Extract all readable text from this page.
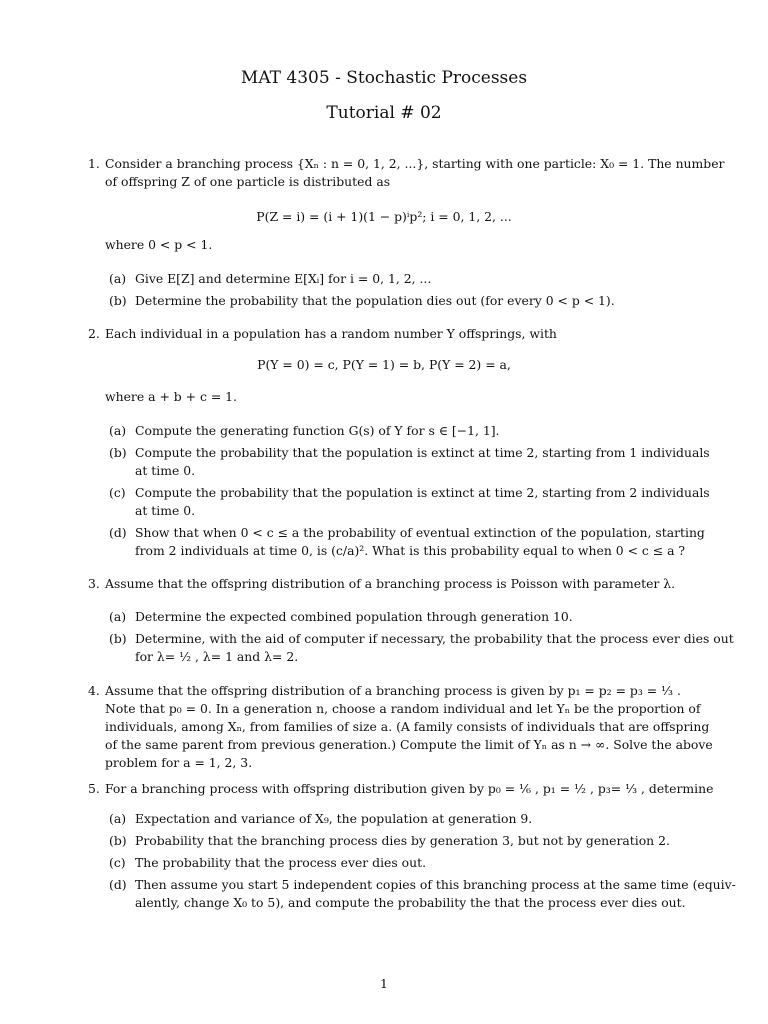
MAT 4305 - Stochastic Processes
Tutorial # 02
1. Consider a branching process {Xₙ : n = 0, 1, 2, ...}, starting with one particle: X₀ = 1. The number
of offspring Z of one particle is distributed as
P(Z = i) = (i + 1)(1 − p)ⁱp²; i = 0, 1, 2, ...
where 0 < p < 1.
(a) Give E[Z] and determine E[Xᵢ] for i = 0, 1, 2, ...
(b) Determine the probability that the population dies out (for every 0 < p < 1).
2. Each individual in a population has a random number Y offsprings, with
P(Y = 0) = c, P(Y = 1) = b, P(Y = 2) = a,
where a + b + c = 1.
(a) Compute the generating function G(s) of Y for s ∈ [−1, 1].
(b) Compute the probability that the population is extinct at time 2, starting from 1 individuals
at time 0.
(c) Compute the probability that the population is extinct at time 2, starting from 2 individuals
at time 0.
(d) Show that when 0 < c ≤ a the probability of eventual extinction of the population, starting
from 2 individuals at time 0, is (c/a)². What is this probability equal to when 0 < c ≤ a ?
3. Assume that the offspring distribution of a branching process is Poisson with parameter λ.
(a) Determine the expected combined population through generation 10.
(b) Determine, with the aid of computer if necessary, the probability that the process ever dies out
for λ= ½ , λ= 1 and λ= 2.
4. Assume that the offspring distribution of a branching process is given by p₁ = p₂ = p₃ = ⅓ .
Note that p₀ = 0. In a generation n, choose a random individual and let Yₙ be the proportion of
individuals, among Xₙ, from families of size a. (A family consists of individuals that are offspring
of the same parent from previous generation.) Compute the limit of Yₙ as n → ∞. Solve the above
problem for a = 1, 2, 3.
5. For a branching process with offspring distribution given by p₀ = ⅙ , p₁ = ½ , p₃= ⅓ , determine
(a) Expectation and variance of X₉, the population at generation 9.
(b) Probability that the branching process dies by generation 3, but not by generation 2.
(c) The probability that the process ever dies out.
(d) Then assume you start 5 independent copies of this branching process at the same time (equiv-
alently, change X₀ to 5), and compute the probability the that the process ever dies out.
1
